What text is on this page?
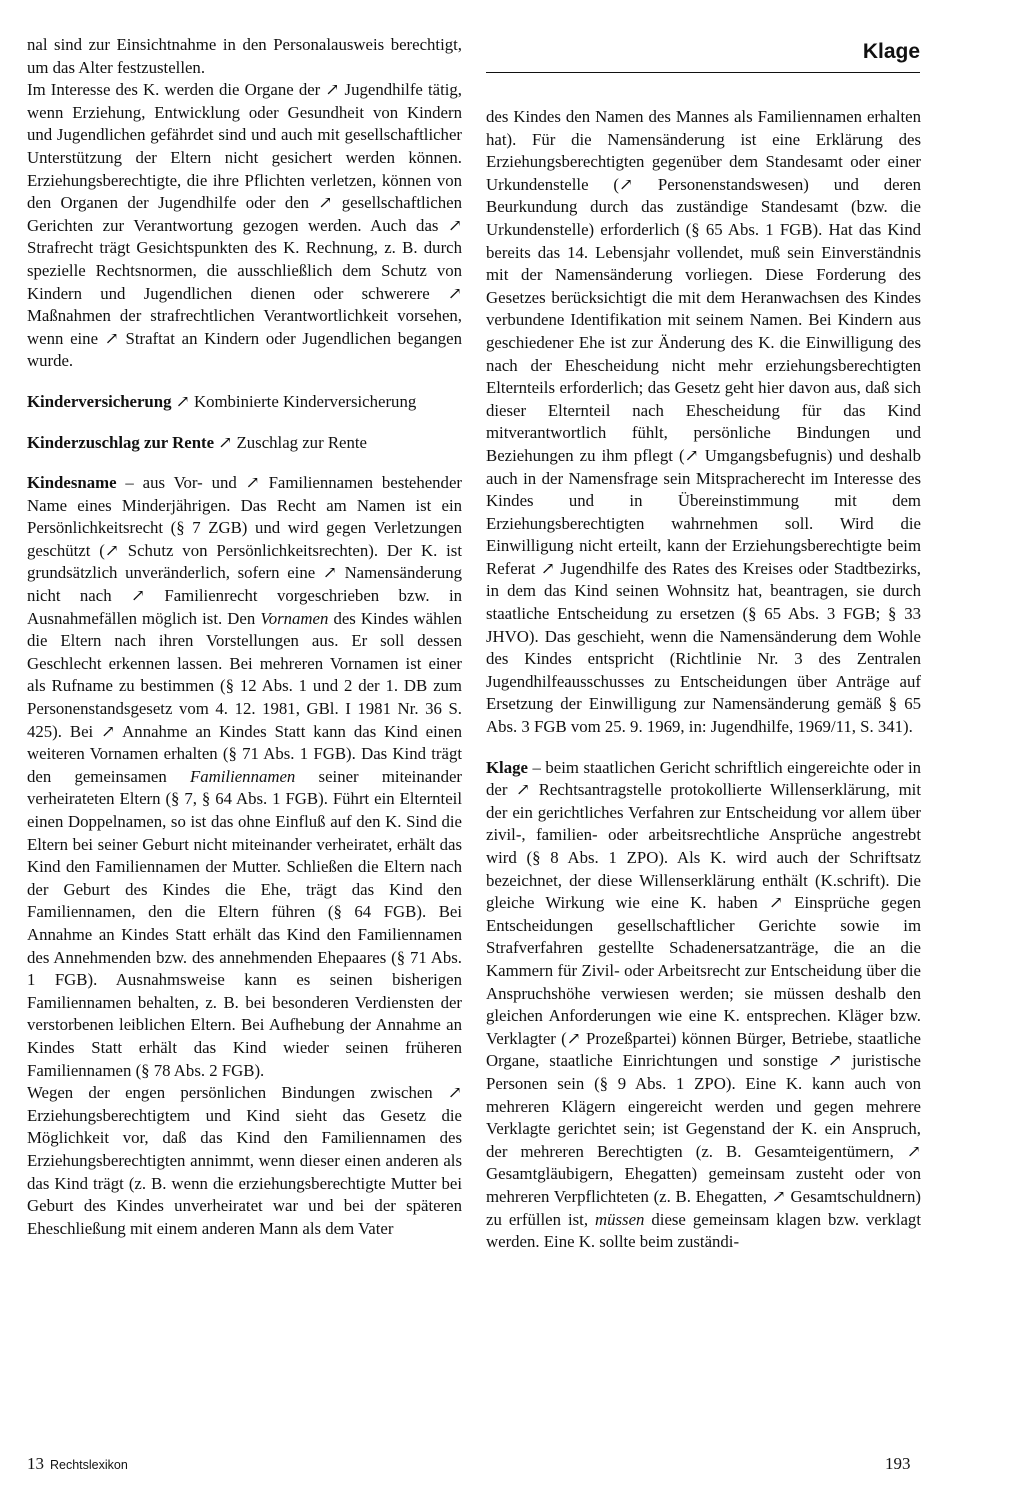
Klage

nal sind zur Einsichtnahme in den Personalausweis berechtigt, um das Alter festzustellen.

Im Interesse des K. werden die Organe der ↗ Jugendhilfe tätig, wenn Erziehung, Entwicklung oder Gesundheit von Kindern und Jugendlichen gefährdet sind und auch mit gesellschaftlicher Unterstützung der Eltern nicht gesichert werden können. Erziehungsberechtigte, die ihre Pflichten verletzen, können von den Organen der Jugendhilfe oder den ↗ gesellschaftlichen Gerichten zur Verantwortung gezogen werden. Auch das ↗ Strafrecht trägt Gesichtspunkten des K. Rechnung, z. B. durch spezielle Rechtsnormen, die ausschließlich dem Schutz von Kindern und Jugendlichen dienen oder schwerere ↗ Maßnahmen der strafrechtlichen Verantwortlichkeit vorsehen, wenn eine ↗ Straftat an Kindern oder Jugendlichen begangen wurde.

Kinderversicherung ↗ Kombinierte Kinderversicherung

Kinderzuschlag zur Rente ↗ Zuschlag zur Rente

Kindesname – aus Vor- und ↗ Familiennamen bestehender Name eines Minderjährigen. Das Recht am Namen ist ein Persönlichkeitsrecht (§ 7 ZGB) und wird gegen Verletzungen geschützt (↗ Schutz von Persönlichkeitsrechten). Der K. ist grundsätzlich unveränderlich, sofern eine ↗ Namensänderung nicht nach ↗ Familienrecht vorgeschrieben bzw. in Ausnahmefällen möglich ist. Den Vornamen des Kindes wählen die Eltern nach ihren Vorstellungen aus. Er soll dessen Geschlecht erkennen lassen. Bei mehreren Vornamen ist einer als Rufname zu bestimmen (§ 12 Abs. 1 und 2 der 1. DB zum Personenstandsgesetz vom 4. 12. 1981, GBl. I 1981 Nr. 36 S. 425). Bei ↗ Annahme an Kindes Statt kann das Kind einen weiteren Vornamen erhalten (§ 71 Abs. 1 FGB). Das Kind trägt den gemeinsamen Familiennamen seiner miteinander verheirateten Eltern (§ 7, § 64 Abs. 1 FGB). Führt ein Elternteil einen Doppelnamen, so ist das ohne Einfluß auf den K. Sind die Eltern bei seiner Geburt nicht miteinander verheiratet, erhält das Kind den Familiennamen der Mutter. Schließen die Eltern nach der Geburt des Kindes die Ehe, trägt das Kind den Familiennamen, den die Eltern führen (§ 64 FGB). Bei Annahme an Kindes Statt erhält das Kind den Familiennamen des Annehmenden bzw. des annehmenden Ehepaares (§ 71 Abs. 1 FGB). Ausnahmsweise kann es seinen bisherigen Familiennamen behalten, z. B. bei besonderen Verdiensten der verstorbenen leiblichen Eltern. Bei Aufhebung der Annahme an Kindes Statt erhält das Kind wieder seinen früheren Familiennamen (§ 78 Abs. 2 FGB).

Wegen der engen persönlichen Bindungen zwischen ↗ Erziehungsberechtigtem und Kind sieht das Gesetz die Möglichkeit vor, daß das Kind den Familiennamen des Erziehungsberechtigten annimmt, wenn dieser einen anderen als das Kind trägt (z. B. wenn die erziehungsberechtigte Mutter bei Geburt des Kindes unverheiratet war und bei der späteren Eheschließung mit einem anderen Mann als dem Vater

des Kindes den Namen des Mannes als Familiennamen erhalten hat). Für die Namensänderung ist eine Erklärung des Erziehungsberechtigten gegenüber dem Standesamt oder einer Urkundenstelle (↗ Personenstandswesen) und deren Beurkundung durch das zuständige Standesamt (bzw. die Urkundenstelle) erforderlich (§ 65 Abs. 1 FGB). Hat das Kind bereits das 14. Lebensjahr vollendet, muß sein Einverständnis mit der Namensänderung vorliegen. Diese Forderung des Gesetzes berücksichtigt die mit dem Heranwachsen des Kindes verbundene Identifikation mit seinem Namen. Bei Kindern aus geschiedener Ehe ist zur Änderung des K. die Einwilligung des nach der Ehescheidung nicht mehr erziehungsberechtigten Elternteils erforderlich; das Gesetz geht hier davon aus, daß sich dieser Elternteil nach Ehescheidung für das Kind mitverantwortlich fühlt, persönliche Bindungen und Beziehungen zu ihm pflegt (↗ Umgangsbefugnis) und deshalb auch in der Namensfrage sein Mitspracherecht im Interesse des Kindes und in Übereinstimmung mit dem Erziehungsberechtigten wahrnehmen soll. Wird die Einwilligung nicht erteilt, kann der Erziehungsberechtigte beim Referat ↗ Jugendhilfe des Rates des Kreises oder Stadtbezirks, in dem das Kind seinen Wohnsitz hat, beantragen, sie durch staatliche Entscheidung zu ersetzen (§ 65 Abs. 3 FGB; § 33 JHVO). Das geschieht, wenn die Namensänderung dem Wohle des Kindes entspricht (Richtlinie Nr. 3 des Zentralen Jugendhilfeausschusses zu Entscheidungen über Anträge auf Ersetzung der Einwilligung zur Namensänderung gemäß § 65 Abs. 3 FGB vom 25. 9. 1969, in: Jugendhilfe, 1969/11, S. 341).

Klage – beim staatlichen Gericht schriftlich eingereichte oder in der ↗ Rechtsantragstelle protokollierte Willenserklärung, mit der ein gerichtliches Verfahren zur Entscheidung vor allem über zivil-, familien- oder arbeitsrechtliche Ansprüche angestrebt wird (§ 8 Abs. 1 ZPO). Als K. wird auch der Schriftsatz bezeichnet, der diese Willenserklärung enthält (K.schrift). Die gleiche Wirkung wie eine K. haben ↗ Einsprüche gegen Entscheidungen gesellschaftlicher Gerichte sowie im Strafverfahren gestellte Schadenersatzanträge, die an die Kammern für Zivil- oder Arbeitsrecht zur Entscheidung über die Anspruchshöhe verwiesen werden; sie müssen deshalb den gleichen Anforderungen wie eine K. entsprechen. Kläger bzw. Verklagter (↗ Prozeßpartei) können Bürger, Betriebe, staatliche Organe, staatliche Einrichtungen und sonstige ↗ juristische Personen sein (§ 9 Abs. 1 ZPO). Eine K. kann auch von mehreren Klägern eingereicht werden und gegen mehrere Verklagte gerichtet sein; ist Gegenstand der K. ein Anspruch, der mehreren Berechtigten (z. B. Gesamteigentümern, ↗ Gesamtgläubigern, Ehegatten) gemeinsam zusteht oder von mehreren Verpflichteten (z. B. Ehegatten, ↗ Gesamtschuldnern) zu erfüllen ist, müssen diese gemeinsam klagen bzw. verklagt werden. Eine K. sollte beim zuständi-

13 Rechtslexikon	193
